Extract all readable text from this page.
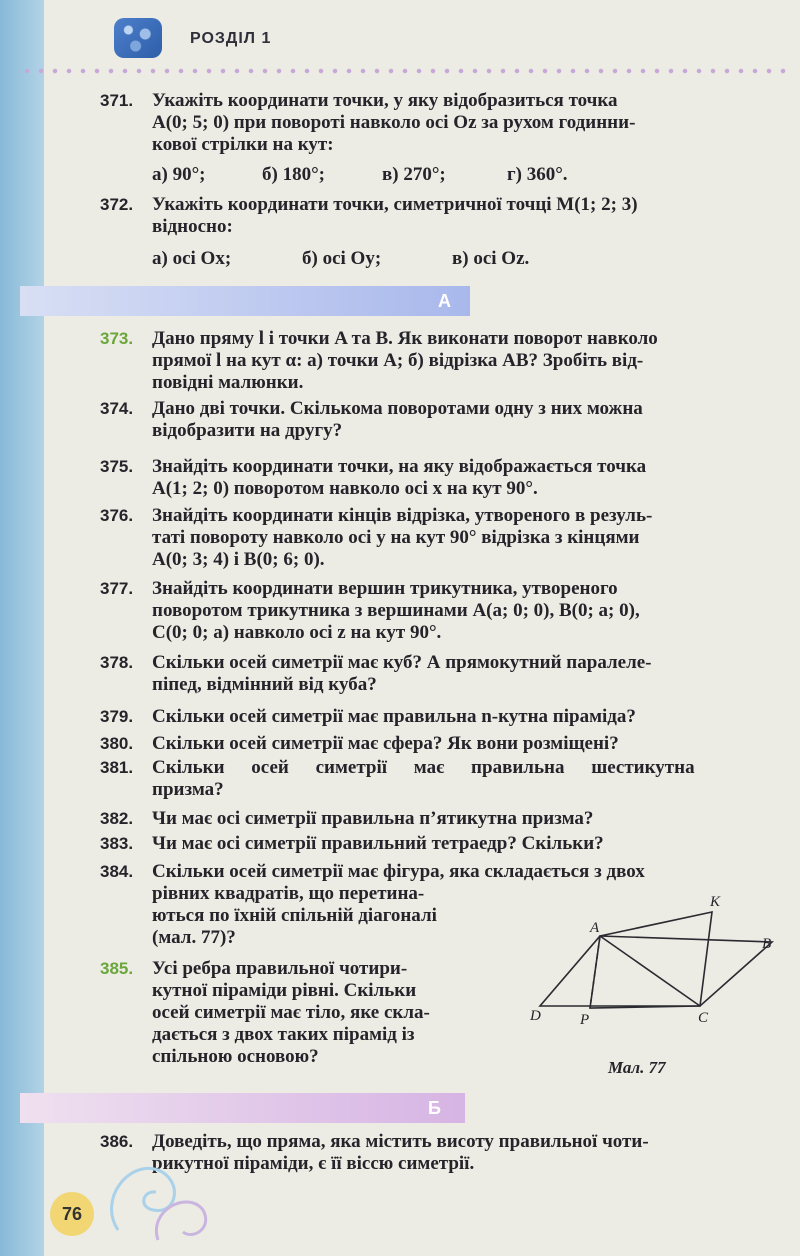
РОЗДІЛ 1
371. Укажіть координати точки, у яку відобразиться точка
A(0; 5; 0) при повороті навколо осі Oz за рухом годинни-
кової стрілки на кут:
а) 90°;	б) 180°;	в) 270°;	г) 360°.
372. Укажіть координати точки, симетричної точці M(1; 2; 3)
відносно:
а) осі Ox;	б) осі Oy;	в) осі Oz.
А
373. Дано пряму l і точки A та B. Як виконати поворот навколо
прямої l на кут α: а) точки A; б) відрізка AB? Зробіть від-
повідні малюнки.
374. Дано дві точки. Скількома поворотами одну з них можна
відобразити на другу?
375. Знайдіть координати точки, на яку відображається точка
A(1; 2; 0) поворотом навколо осі x на кут 90°.
376. Знайдіть координати кінців відрізка, утвореного в резуль-
таті повороту навколо осі y на кут 90° відрізка з кінцями
A(0; 3; 4) і B(0; 6; 0).
377. Знайдіть координати вершин трикутника, утвореного
поворотом трикутника з вершинами A(a; 0; 0), B(0; a; 0),
C(0; 0; a) навколо осі z на кут 90°.
378. Скільки осей симетрії має куб? А прямокутний паралеле-
піпед, відмінний від куба?
379. Скільки осей симетрії має правильна n-кутна піраміда?
380. Скільки осей симетрії має сфера? Як вони розміщені?
381. Скільки осей симетрії має правильна шестикутна
призма?
382. Чи має осі симетрії правильна п’ятикутна призма?
383. Чи має осі симетрії правильний тетраедр? Скільки?
384. Скільки осей симетрії має фігура, яка складається з двох
рівних квадратів, що перетина-
ються по їхній спільній діагоналі
(мал. 77)?
385. Усі ребра правильної чотири-
кутної піраміди рівні. Скільки
осей симетрії має тіло, яке скла-
дається з двох таких пірамід із
спільною основою?
A
K
B
D	P	C
Мал. 77
Б
386. Доведіть, що пряма, яка містить висоту правильної чоти-
рикутної піраміди, є її віссю симетрії.
76
